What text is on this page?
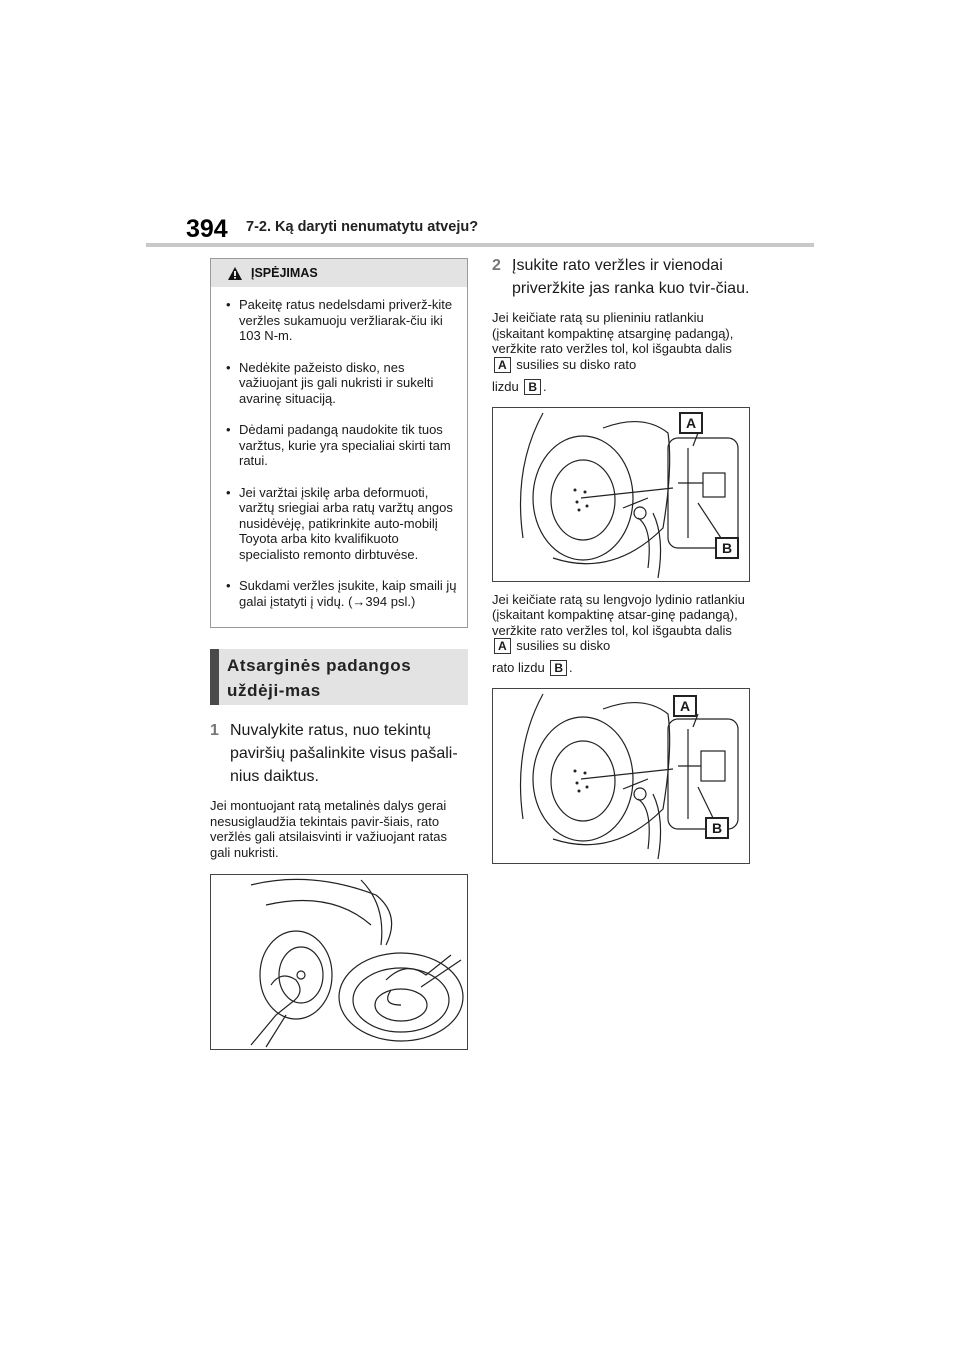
394 7-2. Ką daryti nenumatytu atveju?
ĮSPĖJIMAS
• Pakeitę ratus nedelsdami priverž-kite veržles sukamuoju veržliarak-čiu iki 103 N-m.
• Nedėkite pažeisto disko, nes važiuojant jis gali nukristi ir sukelti avarinę situaciją.
• Dėdami padangą naudokite tik tuos varžtus, kurie yra specialiai skirti tam ratui.
• Jei varžtai įskilę arba deformuoti, varžtų sriegiai arba ratų varžtų angos nusidėvėję, patikrinkite auto-mobilį Toyota arba kito kvalifikuoto specialisto remonto dirbtuvėse.
• Sukdami veržles įsukite, kaip smaili jų galai įstatyti į vidų. (→394 psl.)
Atsarginės padangos uždėji-mas
1 Nuvalykite ratus, nuo tekintų paviršių pašalinkite visus pašali-nius daiktus.
Jei montuojant ratą metalinės dalys gerai nesusiglaudžia tekintais pavir-šiais, rato veržlės gali atsilaisvinti ir važiuojant ratas gali nukristi.
2 Įsukite rato veržles ir vienodai priveržkite jas ranka kuo tvir-čiau.
Jei keičiate ratą su plieniniu ratlankiu (įskaitant kompaktinę atsarginę padangą), veržkite rato veržles tol, kol išgaubta dalis A susilies su disko rato
lizdu B .
A
B
Jei keičiate ratą su lengvojo lydinio ratlankiu (įskaitant kompaktinę atsar-ginę padangą), veržkite rato veržles tol, kol išgaubta dalis A susilies su disko
rato lizdu B .
A
B
